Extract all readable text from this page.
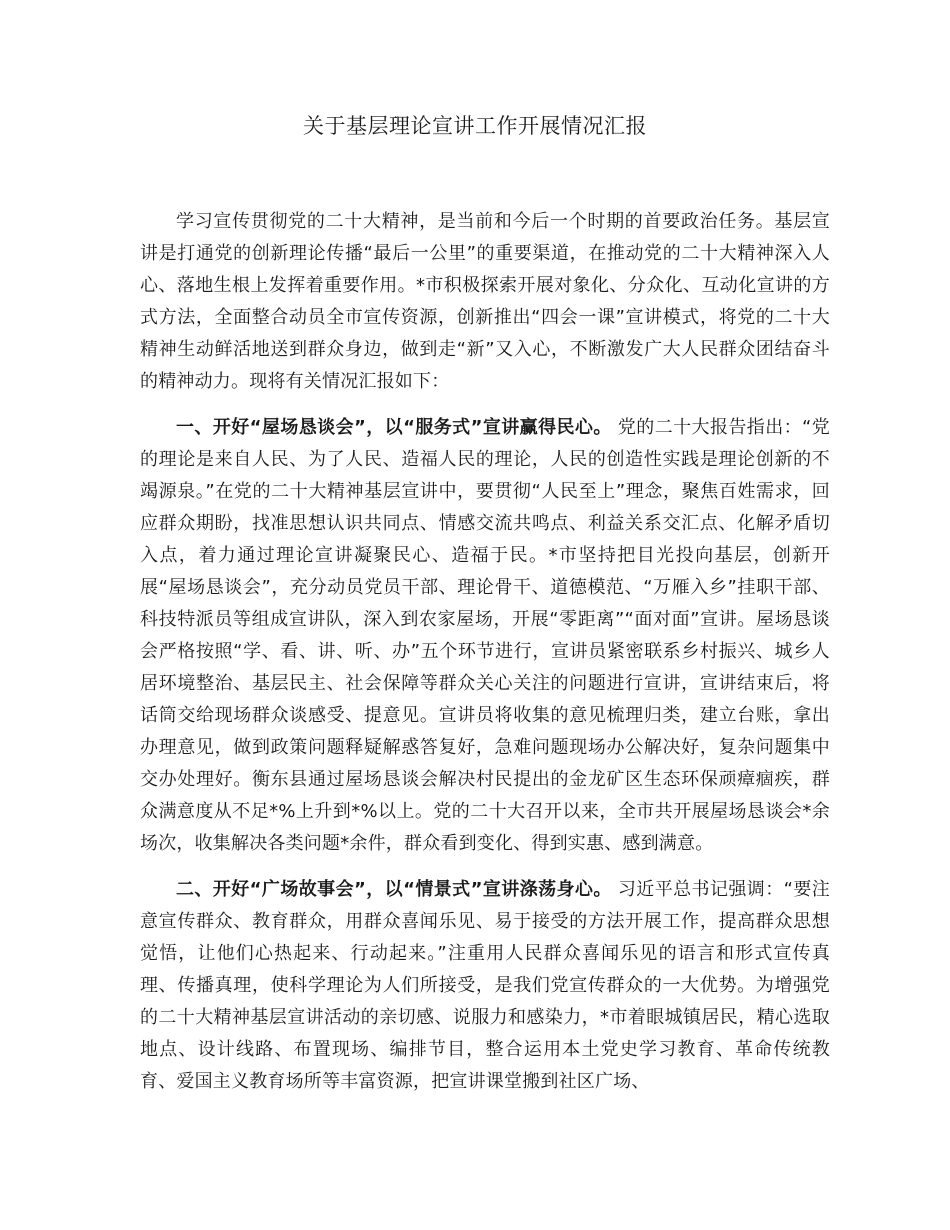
关于基层理论宣讲工作开展情况汇报

学习宣传贯彻党的二十大精神，是当前和今后一个时期的首要政治任务。基层宣讲是打通党的创新理论传播“最后一公里”的重要渠道，在推动党的二十大精神深入人心、落地生根上发挥着重要作用。*市积极探索开展对象化、分众化、互动化宣讲的方式方法，全面整合动员全市宣传资源，创新推出“四会一课”宣讲模式，将党的二十大精神生动鲜活地送到群众身边，做到走“新”又入心，不断激发广大人民群众团结奋斗的精神动力。现将有关情况汇报如下：

一、开好“屋场恳谈会”，以“服务式”宣讲赢得民心。 党的二十大报告指出：“党的理论是来自人民、为了人民、造福人民的理论，人民的创造性实践是理论创新的不竭源泉。”在党的二十大精神基层宣讲中，要贯彻“人民至上”理念，聚焦百姓需求，回应群众期盼，找准思想认识共同点、情感交流共鸣点、利益关系交汇点、化解矛盾切入点，着力通过理论宣讲凝聚民心、造福于民。*市坚持把目光投向基层，创新开展“屋场恳谈会”，充分动员党员干部、理论骨干、道德模范、“万雁入乡”挂职干部、科技特派员等组成宣讲队，深入到农家屋场，开展“零距离”“面对面”宣讲。屋场恳谈会严格按照“学、看、讲、听、办”五个环节进行，宣讲员紧密联系乡村振兴、城乡人居环境整治、基层民主、社会保障等群众关心关注的问题进行宣讲，宣讲结束后，将话筒交给现场群众谈感受、提意见。宣讲员将收集的意见梳理归类，建立台账，拿出办理意见，做到政策问题释疑解惑答复好，急难问题现场办公解决好，复杂问题集中交办处理好。衡东县通过屋场恳谈会解决村民提出的金龙矿区生态环保顽瘴痼疾，群众满意度从不足*%上升到*%以上。党的二十大召开以来，全市共开展屋场恳谈会*余场次，收集解决各类问题*余件，群众看到变化、得到实惠、感到满意。

二、开好“广场故事会”，以“情景式”宣讲涤荡身心。 习近平总书记强调：“要注意宣传群众、教育群众，用群众喜闻乐见、易于接受的方法开展工作，提高群众思想觉悟，让他们心热起来、行动起来。”注重用人民群众喜闻乐见的语言和形式宣传真理、传播真理，使科学理论为人们所接受，是我们党宣传群众的一大优势。为增强党的二十大精神基层宣讲活动的亲切感、说服力和感染力，*市着眼城镇居民，精心选取地点、设计线路、布置现场、编排节目，整合运用本土党史学习教育、革命传统教育、爱国主义教育场所等丰富资源，把宣讲课堂搬到社区广场、
